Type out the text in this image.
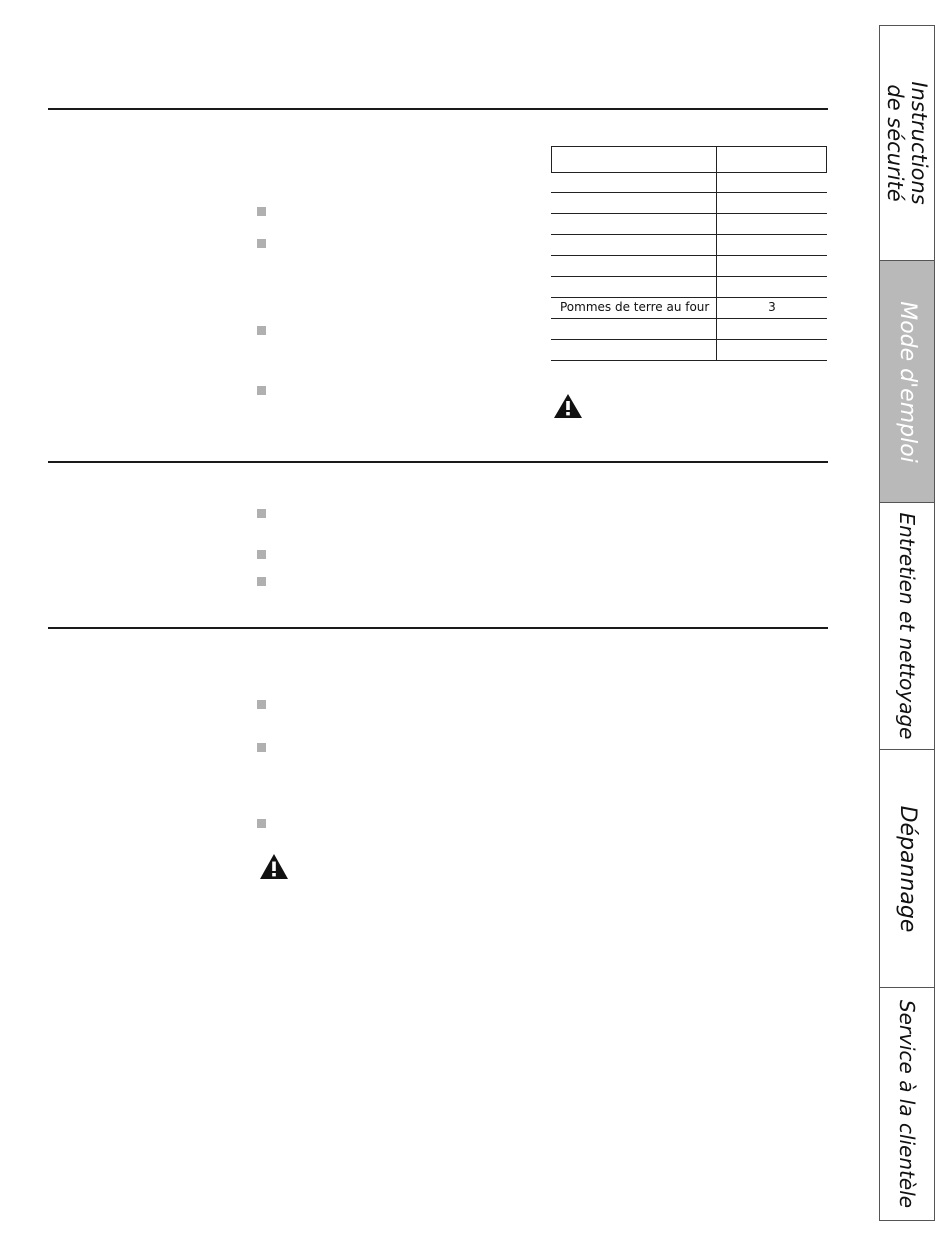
Pommes de terre au four	3
Instructions
de sécurité
Mode d'emploi
Entretien et nettoyage
Dépannage
Service à la clientèle
